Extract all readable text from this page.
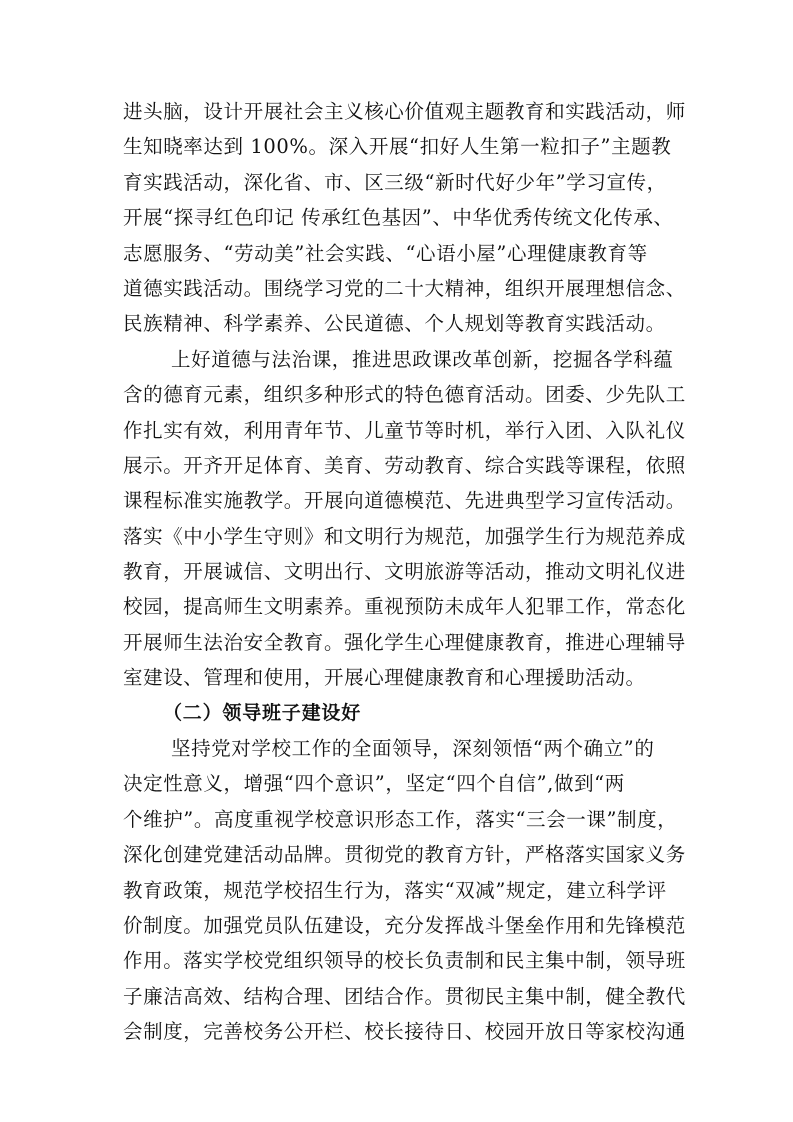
进头脑，设计开展社会主义核心价值观主题教育和实践活动，师
生知晓率达到 100%。深入开展“扣好人生第一粒扣子”主题教
育实践活动，深化省、市、区三级“新时代好少年”学习宣传，
开展“探寻红色印记 传承红色基因”、中华优秀传统文化传承、
志愿服务、“劳动美”社会实践、“心语小屋”心理健康教育等
道德实践活动。围绕学习党的二十大精神，组织开展理想信念、
民族精神、科学素养、公民道德、个人规划等教育实践活动。
上好道德与法治课，推进思政课改革创新，挖掘各学科蕴
含的德育元素，组织多种形式的特色德育活动。团委、少先队工
作扎实有效，利用青年节、儿童节等时机，举行入团、入队礼仪
展示。开齐开足体育、美育、劳动教育、综合实践等课程，依照
课程标准实施教学。开展向道德模范、先进典型学习宣传活动。
落实《中小学生守则》和文明行为规范，加强学生行为规范养成
教育，开展诚信、文明出行、文明旅游等活动，推动文明礼仪进
校园，提高师生文明素养。重视预防未成年人犯罪工作，常态化
开展师生法治安全教育。强化学生心理健康教育，推进心理辅导
室建设、管理和使用，开展心理健康教育和心理援助活动。
（二）领导班子建设好
坚持党对学校工作的全面领导，深刻领悟“两个确立”的
决定性意义，增强“四个意识”，坚定“四个自信”,做到“两
个维护”。高度重视学校意识形态工作，落实“三会一课”制度，
深化创建党建活动品牌。贯彻党的教育方针，严格落实国家义务
教育政策，规范学校招生行为，落实“双减”规定，建立科学评
价制度。加强党员队伍建设，充分发挥战斗堡垒作用和先锋模范
作用。落实学校党组织领导的校长负责制和民主集中制，领导班
子廉洁高效、结构合理、团结合作。贯彻民主集中制，健全教代
会制度，完善校务公开栏、校长接待日、校园开放日等家校沟通
